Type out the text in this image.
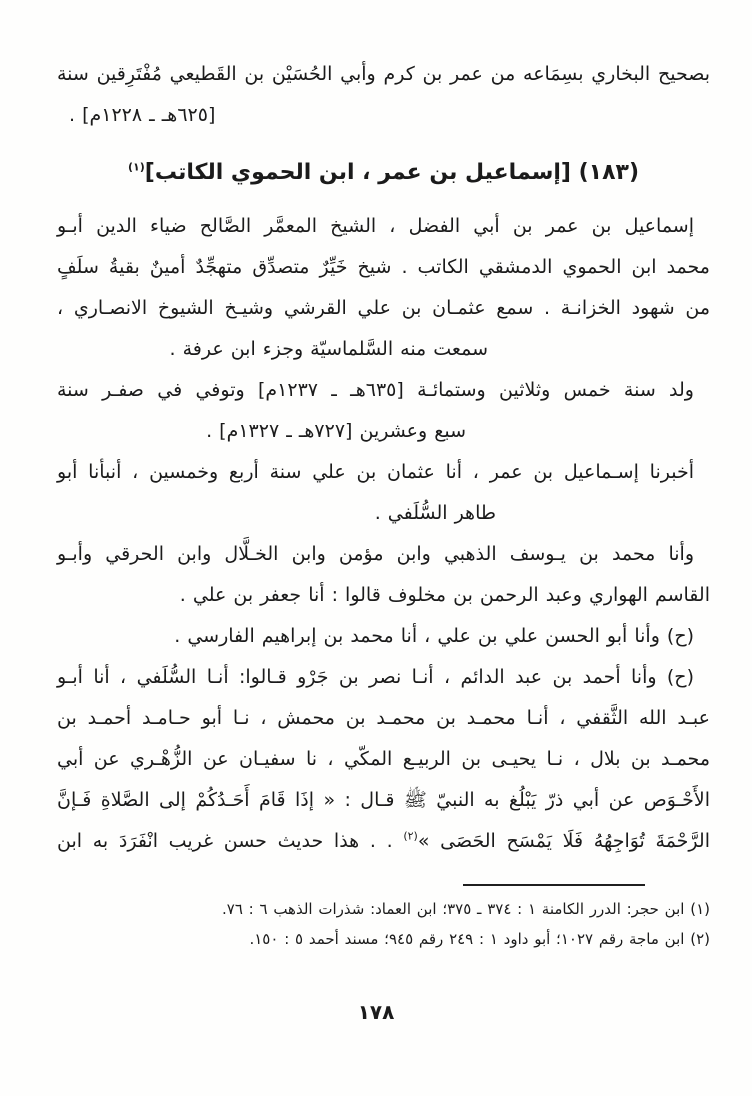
بصحيح البخاري بسِمَاعه من عمر بن كرم وأبي الحُسَيْن بن القَطيعي مُفْتَرِقين سنة
[٦٢٥هـ ـ ١٢٢٨م] .

(١٨٣) [إسماعيل بن عمر ، ابن الحموي الكاتب]$^{(١)}$

إسماعيل بن عمر بن أبي الفضل ، الشيخ المعمَّر الصَّالح ضياء الدين أبـو
محمد ابن الحموي الدمشقي الكاتب . شيخ خَيِّرٌ متصدِّق متهجِّدٌ أمينٌ بقيةُ سلَفٍ
من شهود الخزانـة . سمع عثمـان بن علي القرشي وشيـخ الشيوخ الانصـاري ،
سمعت منه السَّلماسيّة وجزء ابن عرفة .

ولد سنة خمس وثلاثين وستمائـة [٦٣٥هـ ـ ١٢٣٧م] وتوفي في صفـر سنة
سبع وعشرين [٧٢٧هـ ـ ١٣٢٧م] .

أخبرنا إسـماعيل بن عمر ، أنا عثمان بن علي سنة أربع وخمسين ، أنبأنا أبو
طاهر السُّلَفي .

وأنا محمد بن يـوسف الذهبي وابن مؤمن وابن الخـلَّال وابن الحرقي وأبـو
القاسم الهواري وعبد الرحمن بن مخلوف قالوا : أنا جعفر بن علي .

(ح) وأنا أبو الحسن علي بن علي ، أنا محمد بن إبراهيم الفارسي .

(ح) وأنا أحمد بن عبد الدائم ، أنـا نصر بن جَرْو قـالوا: أنـا السُّلَفي ، أنا أبـو
عبـد الله الثَّقفي ، أنـا محمـد بن محمـد بن محمش ، نـا أبو حـامـد أحمـد بن
محمـد بن بلال ، نـا يحيـى بن الربيـع المكّي ، نا سفيـان عن الزُّهْـري عن أبي
الأَحْـوَص عن أبي ذرّ يَبْلُغ به النبيّ ﷺ قـال : « إذَا قَامَ أَحَـدُكُمْ إلى الصَّلاةِ فَـإنَّ
الرَّحْمَةَ تُوَاجِهُهُ فَلَا يَمْسَح الحَصَى »$^{(٢)}$ . . هذا حديث حسن غريب انْفَرَدَ به ابن

(١) ابن حجر: الدرر الكامنة ١ : ٣٧٤ ـ ٣٧٥؛ ابن العماد: شذرات الذهب ٦ : ٧٦.
(٢) ابن ماجة رقم ١٠٢٧؛ أبو داود ١ : ٢٤٩ رقم ٩٤٥؛ مسند أحمد ٥ : ١٥٠.
١٧٨
